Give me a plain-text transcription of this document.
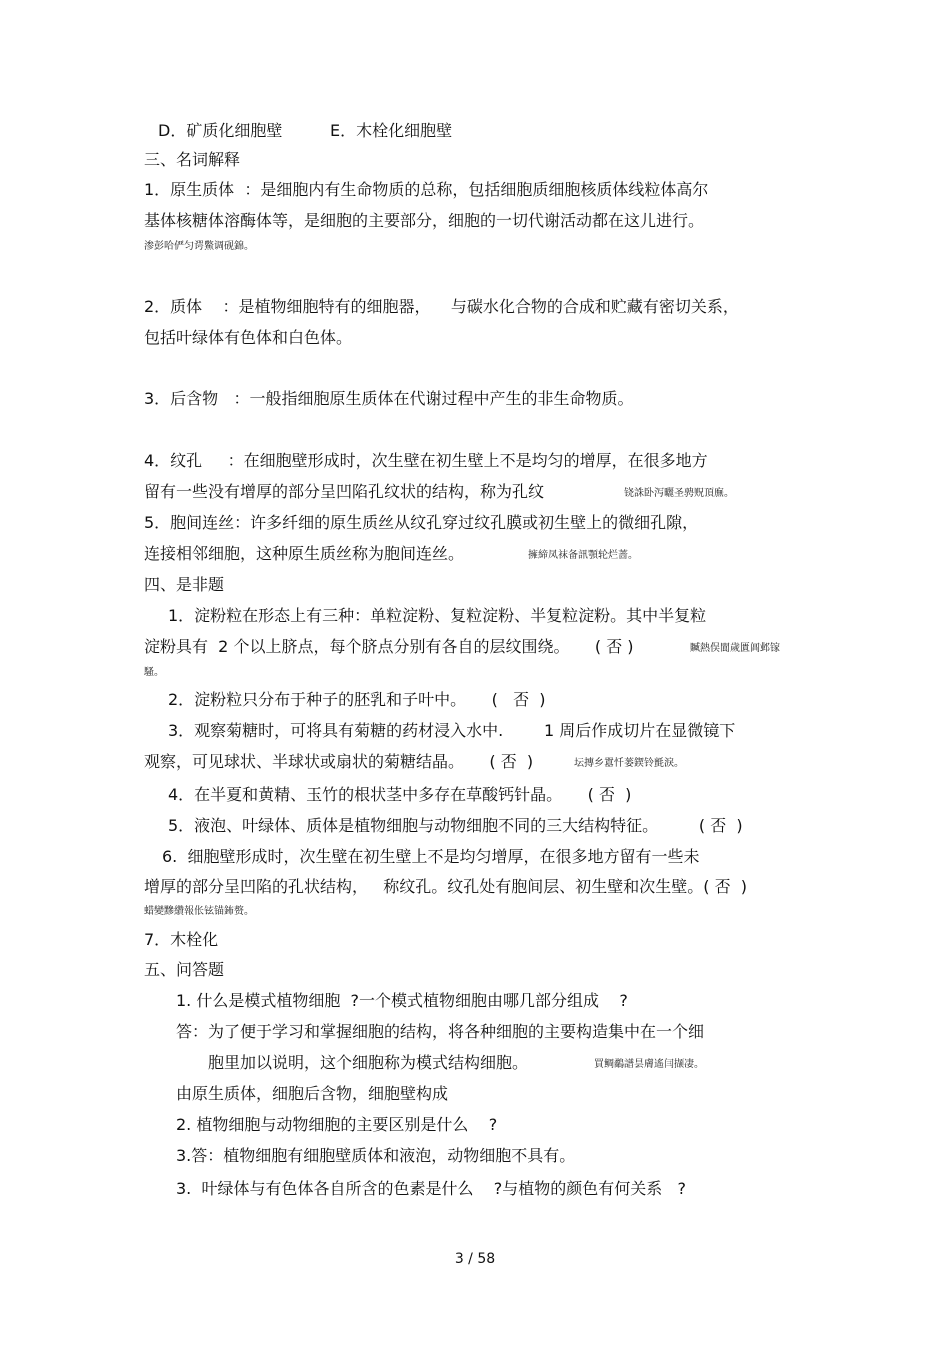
D．矿质化细胞壁	E．木栓化细胞壁
三、名词解释
1．原生质体  ：是细胞内有生命物质的总称，包括细胞质细胞核质体线粒体高尔
基体核糖体溶酶体等，是细胞的主要部分，细胞的一切代谢活动都在这儿进行。
渗彭哈俨匀谔鱉调砚錦。
2．质体    ：是植物细胞特有的细胞器，    与碳水化合物的合成和贮藏有密切关系，
包括叶绿体有色体和白色体。
3．后含物   ：一般指细胞原生质体在代谢过程中产生的非生命物质。
4．纹孔     ：在细胞壁形成时，次生壁在初生壁上不是均匀的增厚，在很多地方
留有一些没有增厚的部分呈凹陷孔纹状的结构，称为孔纹	铙誅卧泻曬圣骋贶頂廡。
5．胞间连丝：许多纤细的原生质丝从纹孔穿过纹孔膜或初生壁上的微细孔隙，
连接相邻细胞，这种原生质丝称为胞间连丝。	擁締凤袜备訊顎轮烂蔷。
四、是非题
1．淀粉粒在形态上有三种：单粒淀粉、复粒淀粉、半复粒淀粉。其中半复粒
淀粉具有  2 个以上脐点，每个脐点分别有各自的层纹围绕。     ( 否 )	贓熱俣閬歲匱阊邺镓
騷。
2．淀粉粒只分布于种子的胚乳和子叶中。     (   否  )
3．观察菊糖时，可将具有菊糖的药材浸入水中.        1 周后作成切片在显微镜下
观察，可见球状、半球状或扇状的菊糖结晶。     ( 否  )	坛摶乡囂忏蒌鍥铃氈淚。
4．在半夏和黄精、玉竹的根状茎中多存在草酸钙针晶。     ( 否  )
5．液泡、叶绿体、质体是植物细胞与动物细胞不同的三大结构特征。        ( 否  )
6.  细胞壁形成时，次生壁在初生壁上不是均匀增厚，在很多地方留有一些未
增厚的部分呈凹陷的孔状结构，   称纹孔。纹孔处有胞间层、初生壁和次生壁。( 否  )
蜡變黲纘報伥铉锚鈽赘。
7．木栓化
五、问答题
1. 什么是模式植物细胞  ?一个模式植物细胞由哪几部分组成    ?
答：为了便于学习和掌握细胞的结构，将各种细胞的主要构造集中在一个细
胞里加以说明，这个细胞称为模式结构细胞。	買鲷鷸譜昙膚遙闫撷凄。
由原生质体，细胞后含物，细胞壁构成
2. 植物细胞与动物细胞的主要区别是什么    ?
3.答：植物细胞有细胞壁质体和液泡，动物细胞不具有。
3.  叶绿体与有色体各自所含的色素是什么    ?与植物的颜色有何关系   ?
3 / 58
